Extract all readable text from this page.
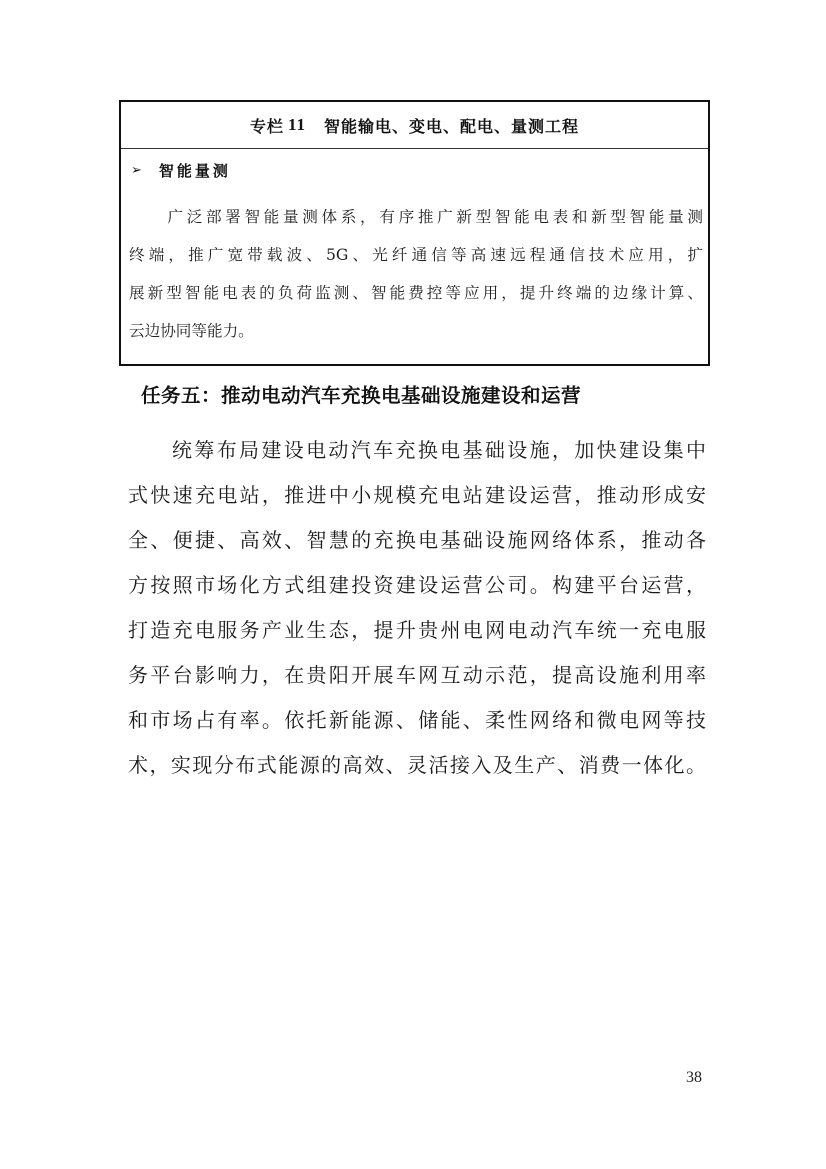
专栏 11 智能输电、变电、配电、量测工程
➢ 智能量测
　　广泛部署智能量测体系，有序推广新型智能电表和新型智能量测
终端，推广宽带载波、5G、光纤通信等高速远程通信技术应用，扩
展新型智能电表的负荷监测、智能费控等应用，提升终端的边缘计算、
云边协同等能力。
任务五：推动电动汽车充换电基础设施建设和运营
统筹布局建设电动汽车充换电基础设施，加快建设集中
式快速充电站，推进中小规模充电站建设运营，推动形成安
全、便捷、高效、智慧的充换电基础设施网络体系，推动各
方按照市场化方式组建投资建设运营公司。构建平台运营，
打造充电服务产业生态，提升贵州电网电动汽车统一充电服
务平台影响力，在贵阳开展车网互动示范，提高设施利用率
和市场占有率。依托新能源、储能、柔性网络和微电网等技
术，实现分布式能源的高效、灵活接入及生产、消费一体化。
38
